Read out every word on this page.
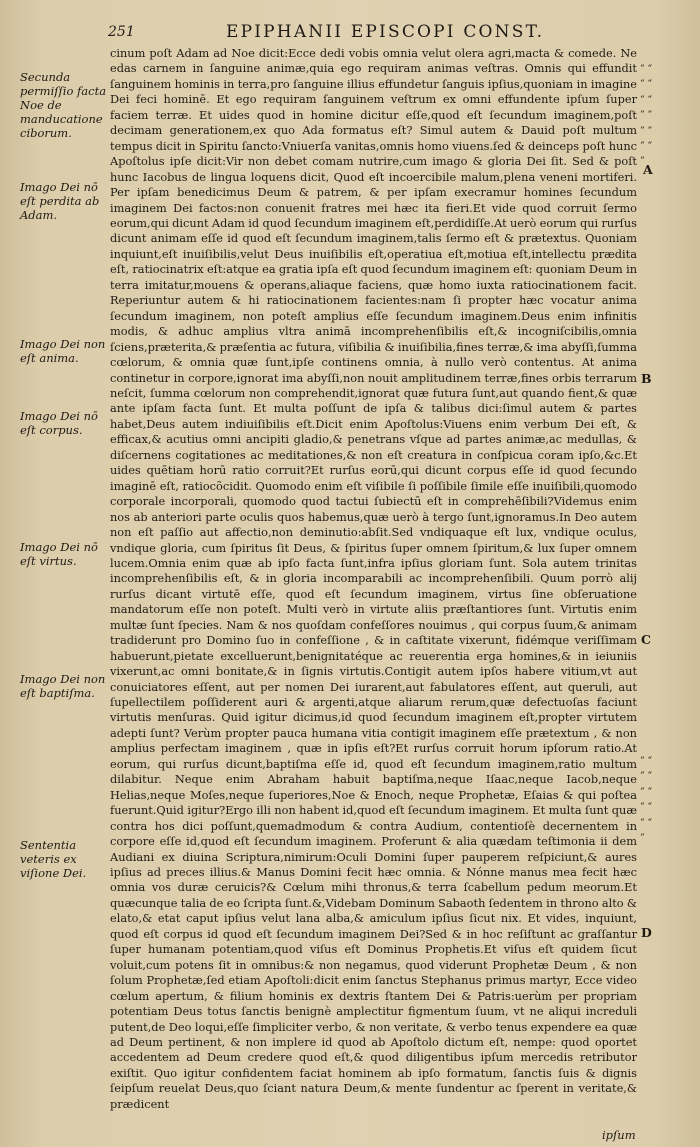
251	EPIPHANII EPISCOPI CONST.
Secunda permiſſio facta Noe de manducatione ciborum.
Imago Dei nō eſt perdita ab Adam.
Imago Dei non eſt anima.
Imago Dei nō eſt corpus.
Imago Dei nō eſt virtus.
Imago Dei non eſt baptiſma.
Sententia veteris ex viſione Dei.

cinum poſt Adam ad Noe dicit:Ecce dedi vobis omnia velut olera agri,macta & comede. Ne edas carnem in ſanguine animæ,quia ego requiram animas veſtras. Omnis qui effundit ſanguinem hominis in terra,pro ſanguine illius effundetur ſanguis ipſius,quoniam in imagine Dei feci hominē. Et ego requiram ſanguinem veſtrum ex omni effundente ipſum ſuper faciem terræ. Et uides quod in homine dicitur eſſe,quod eſt ſecundum imaginem,poſt decimam generationem,ex quo Ada formatus eſt? Simul autem & Dauid poſt multum tempus dicit in Spiritu ſancto:Vniuerſa vanitas,omnis homo viuens.ſed & deinceps poſt hunc Apoſtolus ipſe dicit:Vir non debet comam nutrire,cum imago & gloria Dei ſit. Sed & poſt hunc Iacobus de lingua loquens dicit, Quod eſt incoercibile malum,plena veneni mortiferi. Per ipſam benedicimus Deum & patrem, & per ipſam execramur homines ſecundum imaginem Dei factos:non conuenit fratres mei hæc ita fieri.Et vide quod corruit ſermo eorum,qui dicunt Adam id quod ſecundum imaginem eſt,perdidiſſe.At uerò eorum qui rurſus dicunt animam eſſe id quod eſt ſecundum imaginem,talis ſermo eſt & prætextus. Quoniam inquiunt,eſt inuiſibilis,velut Deus inuiſibilis eſt,operatiua eſt,motiua eſt,intellectu prædita eſt, ratiocinatrix eſt:atque ea gratia ipſa eſt quod ſecundum imaginem eſt: quoniam Deum in terra imitatur,mouens & operans,aliaque faciens, quæ homo iuxta ratiocinationem facit. Reperiuntur autem & hi ratiocinationem facientes:nam ſi propter hæc vocatur anima ſecundum imaginem, non poteſt amplius eſſe ſecundum imaginem.Deus enim infinitis modis, & adhuc amplius vltra animā incomprehenſibilis eſt,& incogniſcibilis,omnia ſciens,præterita,& præſentia ac futura, viſibilia & inuiſibilia,fines terræ,& ima abyſſi,ſumma cœlorum, & omnia quæ ſunt,ipſe continens omnia, à nullo verò contentus. At anima continetur in corpore,ignorat ima abyſſi,non nouit amplitudinem terræ,fines orbis terrarum neſcit, ſumma cœlorum non comprehendit,ignorat quæ futura ſunt,aut quando fient,& quæ ante ipſam facta ſunt. Et multa poſſunt de ipſa & talibus dici:ſimul autem & partes habet,Deus autem indiuiſibilis eſt.Dicit enim Apoſtolus:Viuens enim verbum Dei eſt, & efficax,& acutius omni ancipiti gladio,& penetrans vſque ad partes animæ,ac medullas, & diſcernens cogitationes ac meditationes,& non eſt creatura in conſpicua coram ipſo,&c.Et uides quētiam horū ratio corruit?Et rurſus eorū,qui dicunt corpus eſſe id quod ſecundo imaginē eſt, ratiocõcidit. Quomodo enim eſt viſibile ſi poſſibile ſimile eſſe inuiſibili,quomodo corporale incorporali, quomodo quod tactui ſubiectū eſt in comprehēſibili?Videmus enim nos ab anteriori parte oculis quos habemus,quæ uerò à tergo ſunt,ignoramus.In Deo autem non eſt paſſio aut affectio,non deminutio:abſit.Sed vndiquaque eſt lux, vndique oculus, vndique gloria, cum ſpiritus ſit Deus, & ſpiritus ſuper omnem ſpiritum,& lux ſuper omnem lucem.Omnia enim quæ ab ipſo facta ſunt,infra ipſius gloriam ſunt. Sola autem trinitas incomprehenſibilis eſt, & in gloria incomparabili ac incomprehenſibili. Quum porrò alij rurſus dicant virtutē eſſe, quod eſt ſecundum imaginem, virtus ſine obſeruatione mandatorum eſſe non poteſt. Multi verò in virtute aliis præſtantiores ſunt. Virtutis enim multæ ſunt ſpecies. Nam & nos quoſdam confeſſores nouimus , qui corpus ſuum,& animam tradiderunt pro Domino ſuo in confeſſione , & in caſtitate vixerunt, fidémque veriſſimam habuerunt,pietate excelluerunt,benignitatéque ac reuerentia erga homines,& in ieiuniis vixerunt,ac omni bonitate,& in ſignis virtutis.Contigit autem ipſos habere vitium,vt aut conuiciatores eſſent, aut per nomen Dei iurarent,aut fabulatores eſſent, aut queruli, aut ſupellectilem poſſiderent auri & argenti,atque aliarum rerum,quæ defectuoſas faciunt virtutis menſuras. Quid igitur dicimus,id quod ſecundum imaginem eſt,propter virtutem adepti ſunt? Verùm propter pauca humana vitia contigit imaginem eſſe prætextum , & non amplius perfectam imaginem , quæ in ipſis eſt?Et rurſus corruit horum ipſorum ratio.At eorum, qui rurſus dicunt,baptiſma eſſe id, quod eſt ſecundum imaginem,ratio multum dilabitur. Neque enim Abraham habuit baptiſma,neque Iſaac,neque Iacob,neque Helias,neque Moſes,neque ſuperiores,Noe & Enoch, neque Prophetæ, Eſaias & qui poſtea fuerunt.Quid igitur?Ergo illi non habent id,quod eſt ſecundum imaginem. Et multa ſunt quæ contra hos dici poſſunt,quemadmodum & contra Audium, contentioſè decernentem in corpore eſſe id,quod eſt ſecundum imaginem. Proferunt & alia quædam teſtimonia ii dem Audiani ex diuina Scriptura,nimirum:Oculi Domini ſuper pauperem reſpiciunt,& aures ipſius ad preces illius.& Manus Domini fecit hæc omnia. & Nónne manus mea fecit hæc omnia vos duræ ceruicis?& Cœlum mihi thronus,& terra ſcabellum pedum meorum.Et quæcunque talia de eo ſcripta ſunt.&,Videbam Dominum Sabaoth ſedentem in throno alto & elato,& etat caput ipſius velut lana alba,& amiculum ipſius ſicut nix. Et vides, inquiunt, quod eſt corpus id quod eſt ſecundum imaginem Dei?Sed & in hoc reſiſtunt ac graſſantur ſuper humanam potentiam,quod viſus eſt Dominus Prophetis.Et viſus eſt quidem ſicut voluit,cum potens ſit in omnibus:& non negamus, quod viderunt Prophetæ Deum , & non ſolum Prophetæ,ſed etiam Apoſtoli:dicit enim ſanctus Stephanus primus martyr, Ecce video cœlum apertum, & filium hominis ex dextris ſtantem Dei & Patris:uerùm per propriam potentiam Deus totus ſanctis benignè amplectitur figmentum ſuum, vt ne aliqui increduli putent,de Deo loqui,eſſe ſimpliciter verbo, & non veritate, & verbo tenus expendere ea quæ ad Deum pertinent, & non implere id quod ab Apoſtolo dictum eſt, nempe: quod oportet accedentem ad Deum credere quod eſt,& quod diligentibus ipſum mercedis retributor exiſtit. Quo igitur confidentem faciat hominem ab ipſo formatum, ſanctis ſuis & dignis ſeipſum reuelat Deus,quo ſciant natura Deum,& mente ſundentur ac ſperent in veritate,& prædicent

“ “
“ “
“ “
“ “
“ “
“ “
“
“ “
“ “
“ “
“ “
“ “
“
A
B
C
D
ipſum
